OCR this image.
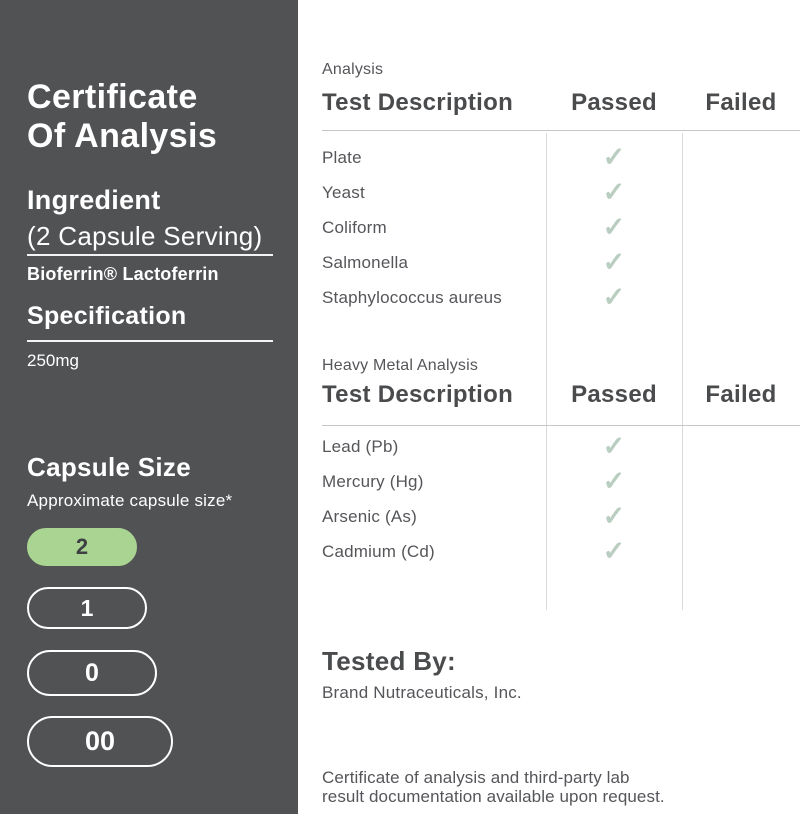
Certificate
Of Analysis
Ingredient
(2 Capsule Serving)
Bioferrin® Lactoferrin
Specification
250mg
Capsule Size
Approximate capsule size*
2
1
0
00
Analysis
Test Description	Passed	Failed
Plate	✓
Yeast	✓
Coliform	✓
Salmonella	✓
Staphylococcus aureus	✓
Heavy Metal Analysis
Test Description	Passed	Failed
Lead (Pb)	✓
Mercury (Hg)	✓
Arsenic (As)	✓
Cadmium (Cd)	✓
Tested By:
Brand Nutraceuticals, Inc.
Certificate of analysis and third-party lab
result documentation available upon request.
